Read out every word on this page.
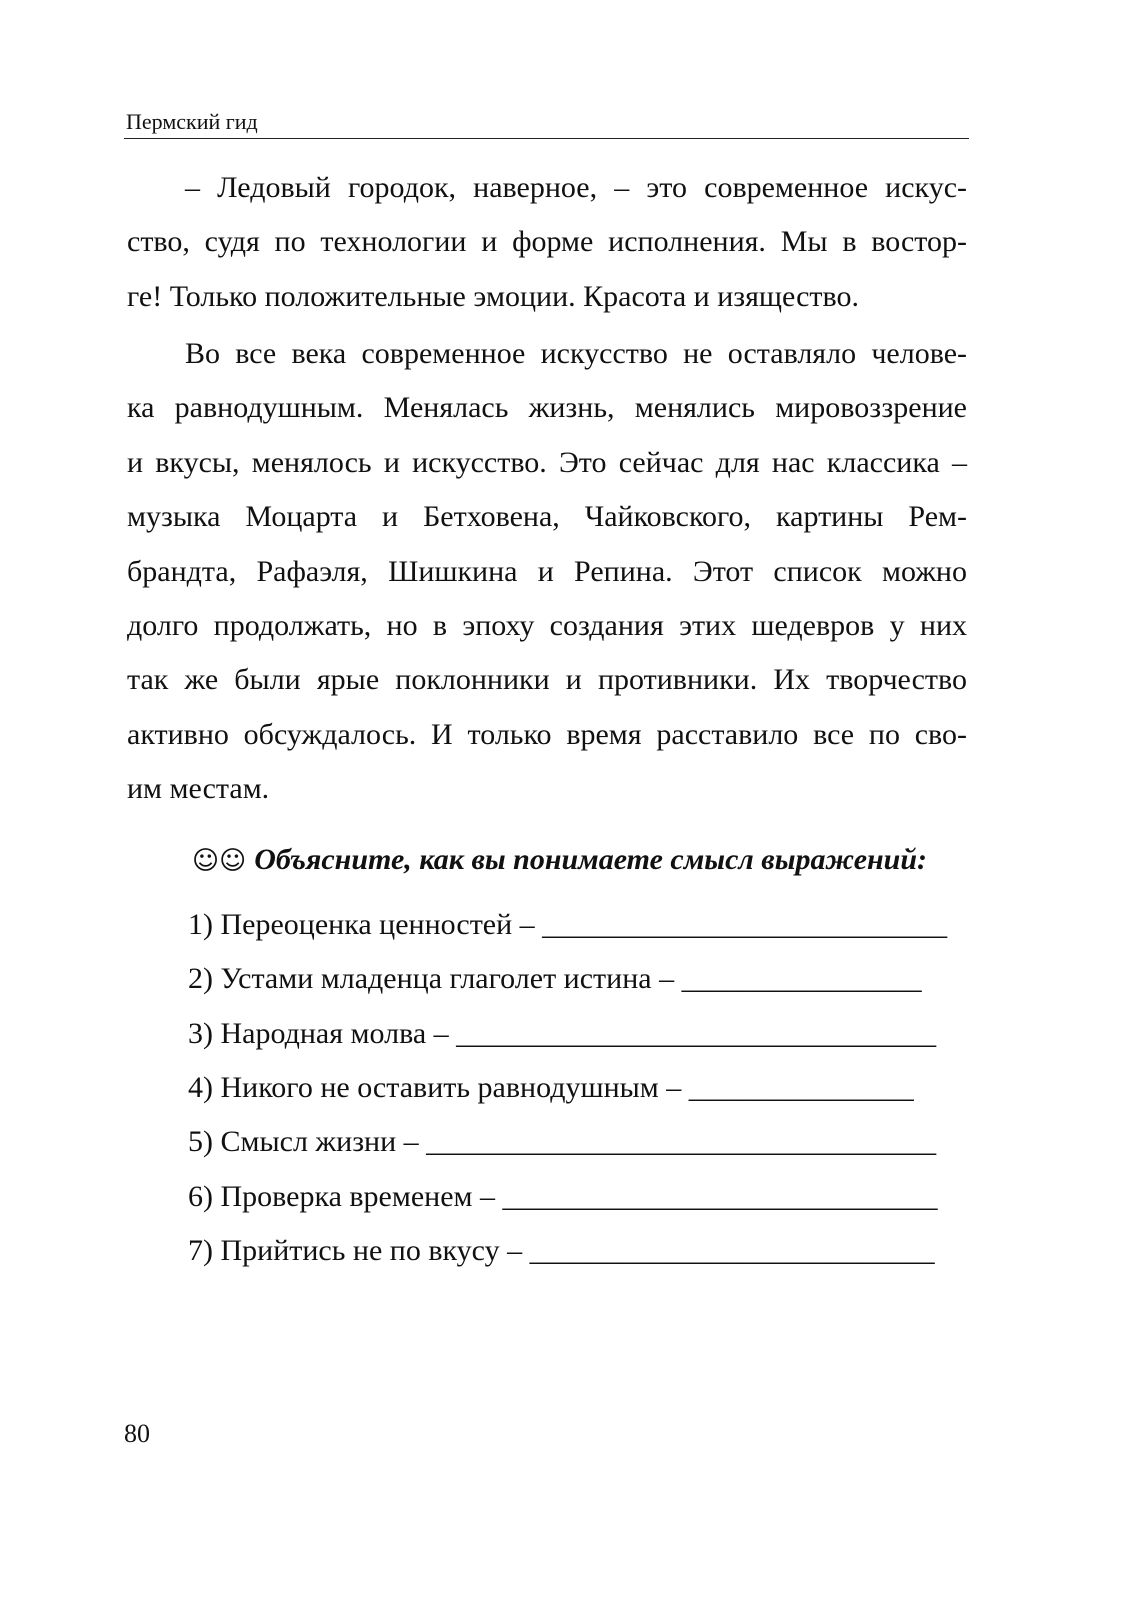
Пермский гид
– Ледовый городок, наверное, – это современное искус-
ство, судя по технологии и форме исполнения. Мы в востор-
ге! Только положительные эмоции. Красота и изящество.
Во все века современное искусство не оставляло челове-
ка равнодушным. Менялась жизнь, менялись мировоззрение
и вкусы, менялось и искусство. Это сейчас для нас классика –
музыка Моцарта и Бетховена, Чайковского, картины Рем-
брандта, Рафаэля, Шишкина и Репина. Этот список можно
долго продолжать, но в эпоху создания этих шедевров у них
так же были ярые поклонники и противники. Их творчество
активно обсуждалось. И только время расставило все по сво-
им местам.
☺☺ Объясните, как вы понимаете смысл выражений:
1) Переоценка ценностей – ___________________________
2) Устами младенца глаголет истина – ________________
3) Народная молва – ________________________________
4) Никого не оставить равнодушным – _______________
5) Смысл жизни – __________________________________
6) Проверка временем – _____________________________
7) Прийтись не по вкусу – ___________________________
80
